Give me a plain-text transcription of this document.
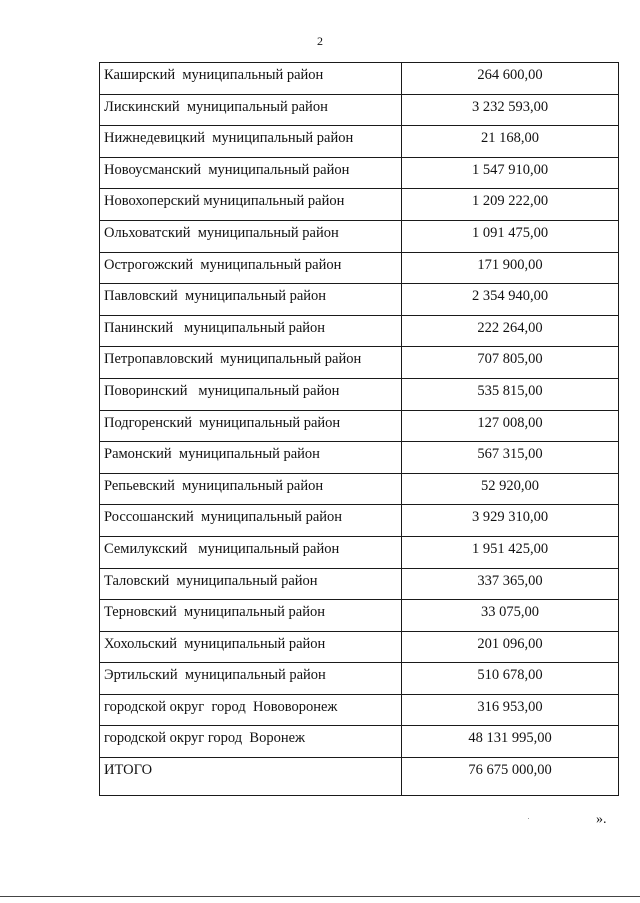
2
Каширский  муниципальный район	264 600,00
Лискинский  муниципальный район	3 232 593,00
Нижнедевицкий  муниципальный район	21 168,00
Новоусманский  муниципальный район	1 547 910,00
Новохоперский муниципальный район	1 209 222,00
Ольховатский  муниципальный район	1 091 475,00
Острогожский  муниципальный район	171 900,00
Павловский  муниципальный район	2 354 940,00
Панинский   муниципальный район	222 264,00
Петропавловский  муниципальный район	707 805,00
Поворинский   муниципальный район	535 815,00
Подгоренский  муниципальный район	127 008,00
Рамонский  муниципальный район	567 315,00
Репьевский  муниципальный район	52 920,00
Россошанский  муниципальный район	3 929 310,00
Семилукский   муниципальный район	1 951 425,00
Таловский  муниципальный район	337 365,00
Терновский  муниципальный район	33 075,00
Хохольский  муниципальный район	201 096,00
Эртильский  муниципальный район	510 678,00
городской округ  город  Нововоронеж	316 953,00
городской округ город  Воронеж	48 131 995,00
ИТОГО	76 675 000,00
».
